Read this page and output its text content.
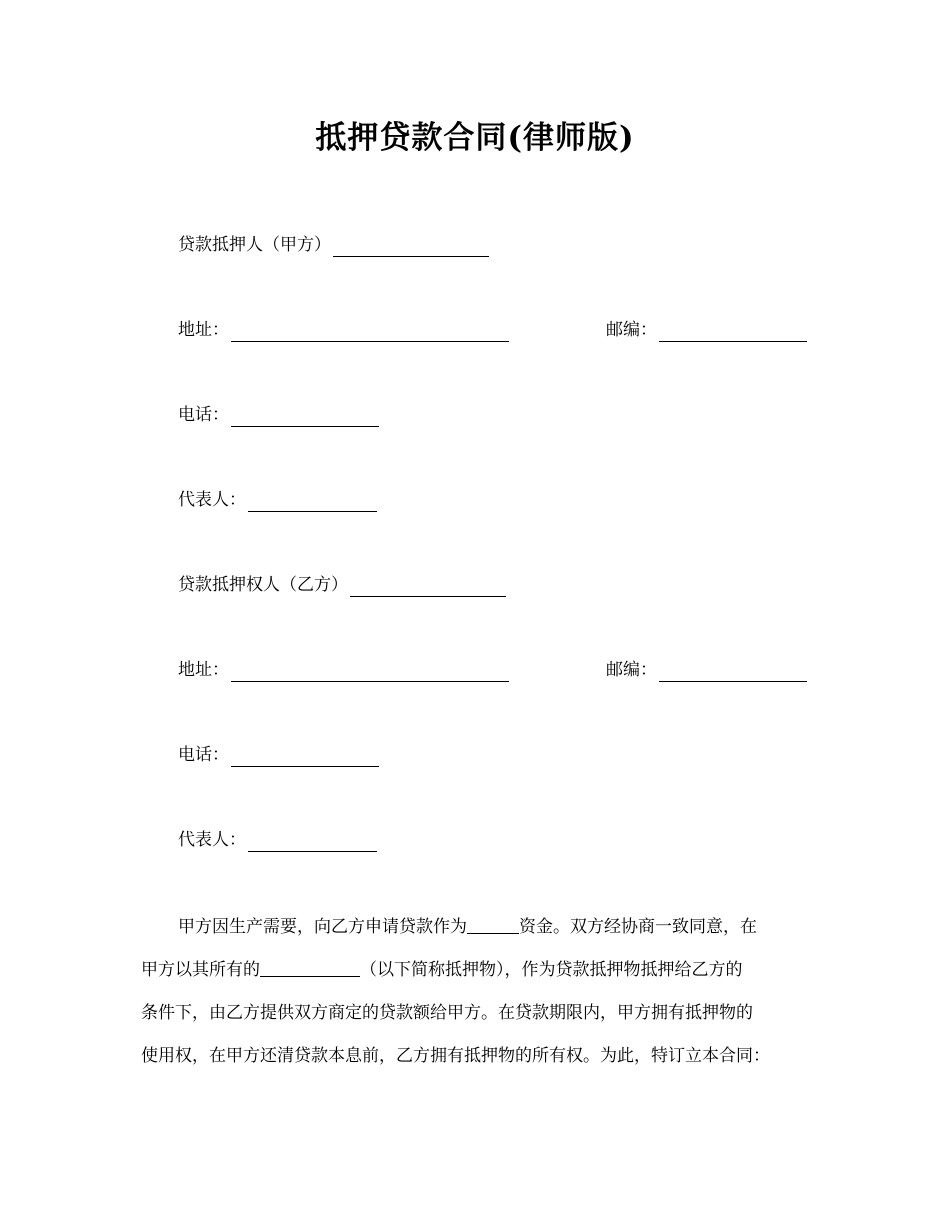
抵押贷款合同(律师版)
贷款抵押人（甲方）
地址：	邮编：
电话：
代表人：
贷款抵押权人（乙方）
地址：	邮编：
电话：
代表人：
甲方因生产需要，向乙方申请贷款作为	资金。双方经协商一致同意，在
甲方以其所有的	（以下简称抵押物），作为贷款抵押物抵押给乙方的
条件下，由乙方提供双方商定的贷款额给甲方。在贷款期限内，甲方拥有抵押物的
使用权，在甲方还清贷款本息前，乙方拥有抵押物的所有权。为此，特订立本合同：
